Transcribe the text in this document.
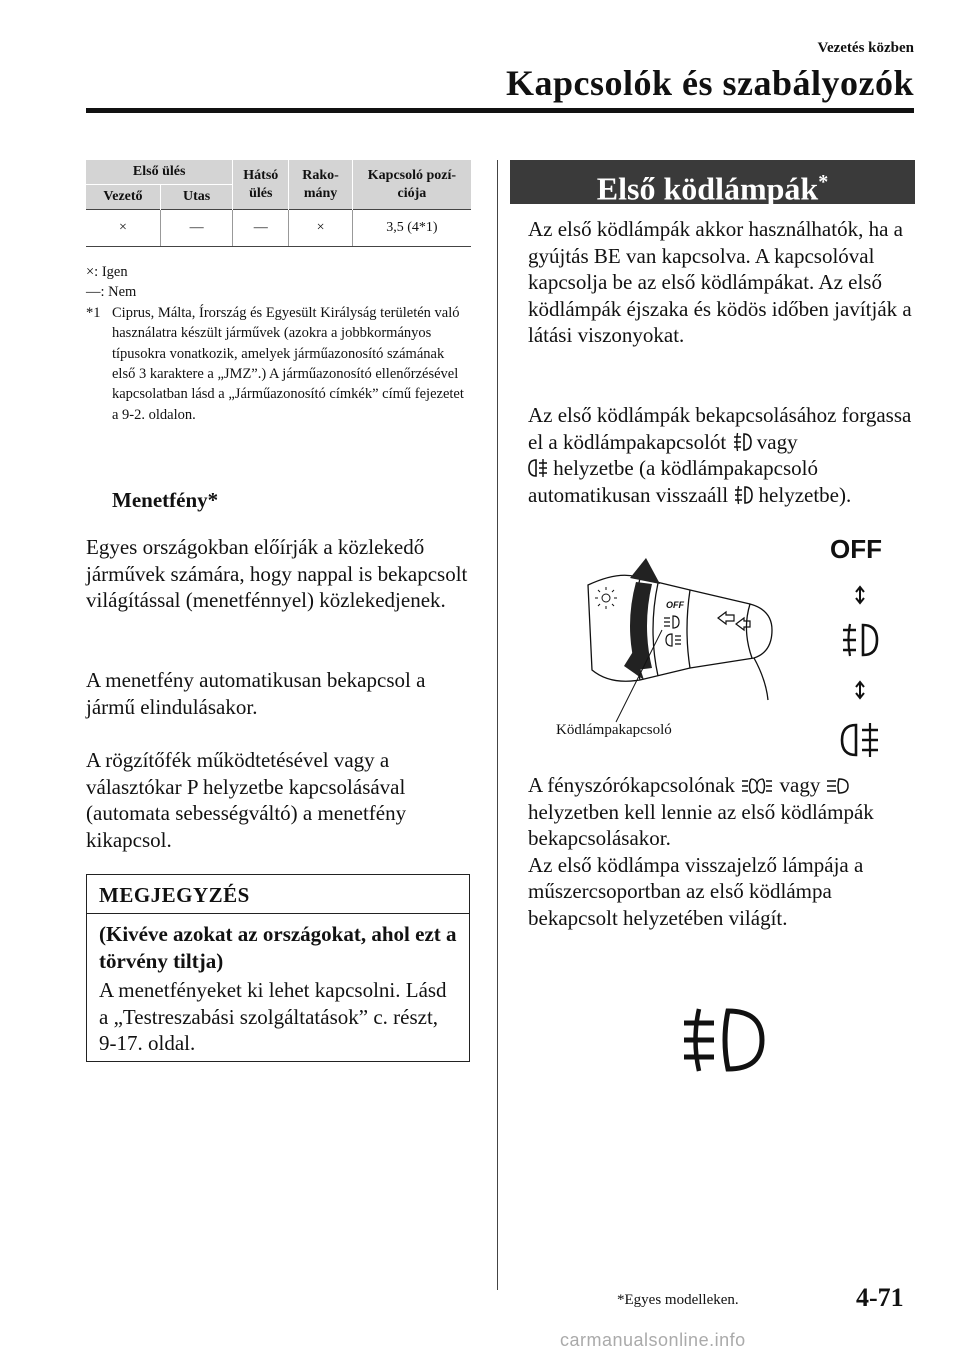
Vezetés közben
Kapcsolók és szabályozók
Első ülés		Hátsó ülés	Rako-mány	Kapcsoló pozí-ciója
Vezető	Utas			
×	—	—	×	3,5 (4*1)
×: Igen
—: Nem
*1 Ciprus, Málta, Írország és Egyesült Királyság területén való használatra készült járművek (azokra a jobbkormányos típusokra vonatkozik, amelyek járműazonosító számának első 3 karaktere a „JMZ”.) A járműazonosító ellenőrzésével kapcsolatban lásd a „Járműazonosító címkék” című fejezetet a 9-2. oldalon.
Menetfény*
Egyes országokban előírják a közlekedő járművek számára, hogy nappal is bekapcsolt világítással (menetfénnyel) közlekedjenek.
A menetfény automatikusan bekapcsol a jármű elindulásakor.
A rögzítőfék működtetésével vagy a választókar P helyzetbe kapcsolásával (automata sebességváltó) a menetfény kikapcsol.
MEGJEGYZÉS
(Kivéve azokat az országokat, ahol ezt a törvény tiltja)
A menetfényeket ki lehet kapcsolni. Lásd a „Testreszabási szolgáltatások” c. részt, 9-17. oldal.
Első ködlámpák*
Az első ködlámpák akkor használhatók, ha a gyújtás BE van kapcsolva. A kapcsolóval kapcsolja be az első ködlámpákat. Az első ködlámpák éjszaka és ködös időben javítják a látási viszonyokat.
Az első ködlámpák bekapcsolásához forgassa el a ködlámpakapcsolót  vagy
helyzetbe (a ködlámpakapcsoló automatikusan visszaáll  helyzetbe).
OFF
OFF
Ködlámpakapcsoló
A fényszórókapcsolónak  vagy
helyzetben kell lennie az első ködlámpák bekapcsolásakor.
Az első ködlámpa visszajelző lámpája a műszercsoportban az első ködlámpa bekapcsolt helyzetében világít.
*Egyes modelleken.	4-71
carmanualsonline.info
